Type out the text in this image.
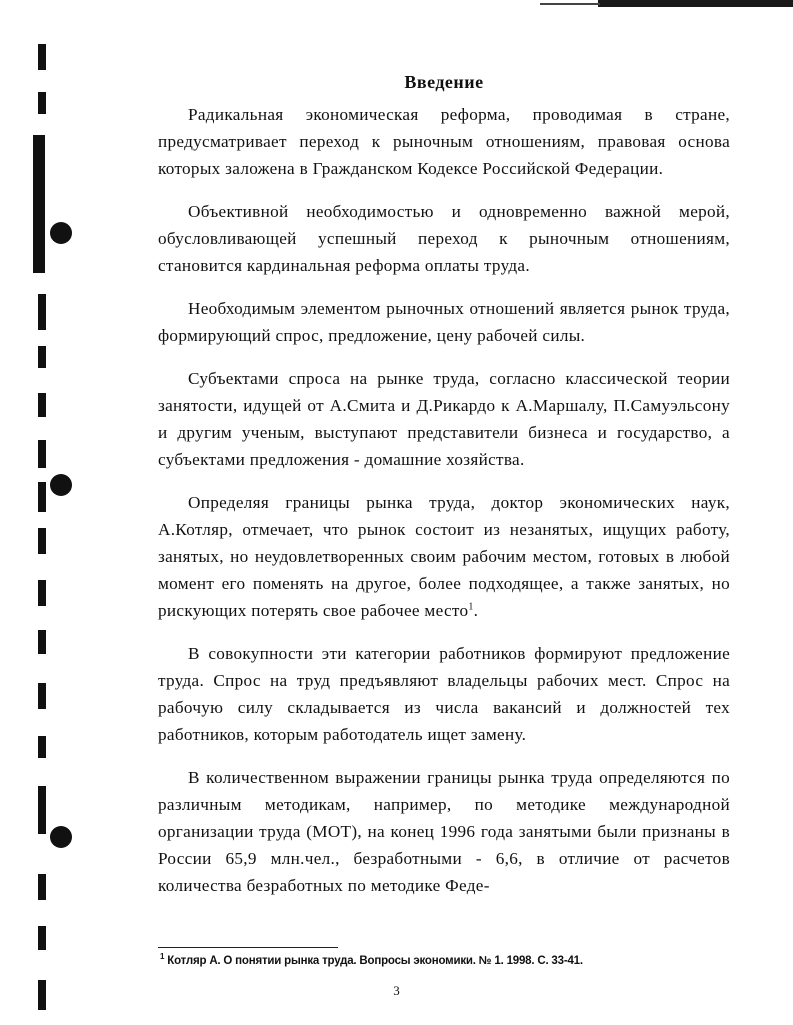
Введение

Радикальная экономическая реформа, проводимая в стране, предусматривает переход к рыночным отношениям, правовая основа которых заложена в Гражданском Кодексе Российской Федерации.

Объективной необходимостью и одновременно важной мерой, обусловливающей успешный переход к рыночным отношениям, становится кардинальная реформа оплаты труда.

Необходимым элементом рыночных отношений является рынок труда, формирующий спрос, предложение, цену рабочей силы.

Субъектами спроса на рынке труда, согласно классической теории занятости, идущей от А.Смита и Д.Рикардо к А.Маршалу, П.Самуэльсону и другим ученым, выступают представители бизнеса и государство, а субъектами предложения - домашние хозяйства.

Определяя границы рынка труда, доктор экономических наук, А.Котляр, отмечает, что рынок состоит из незанятых, ищущих работу, занятых, но неудовлетворенных своим рабочим местом, готовых в любой момент его поменять на другое, более подходящее, а также занятых, но рискующих потерять свое рабочее место$^1$.

В совокупности эти категории работников формируют предложение труда. Спрос на труд предъявляют владельцы рабочих мест. Спрос на рабочую силу складывается из числа вакансий и должностей тех работников, которым работодатель ищет замену.

В количественном выражении границы рынка труда определяются по различным методикам, например, по методике международной организации труда (МОТ), на конец 1996 года занятыми были признаны в России 65,9 млн.чел., безработными - 6,6, в отличие от расчетов количества безработных по методике Феде-

$^1$ Котляр А. О понятии рынка труда. Вопросы экономики. № 1. 1998. С. 33-41.
3
